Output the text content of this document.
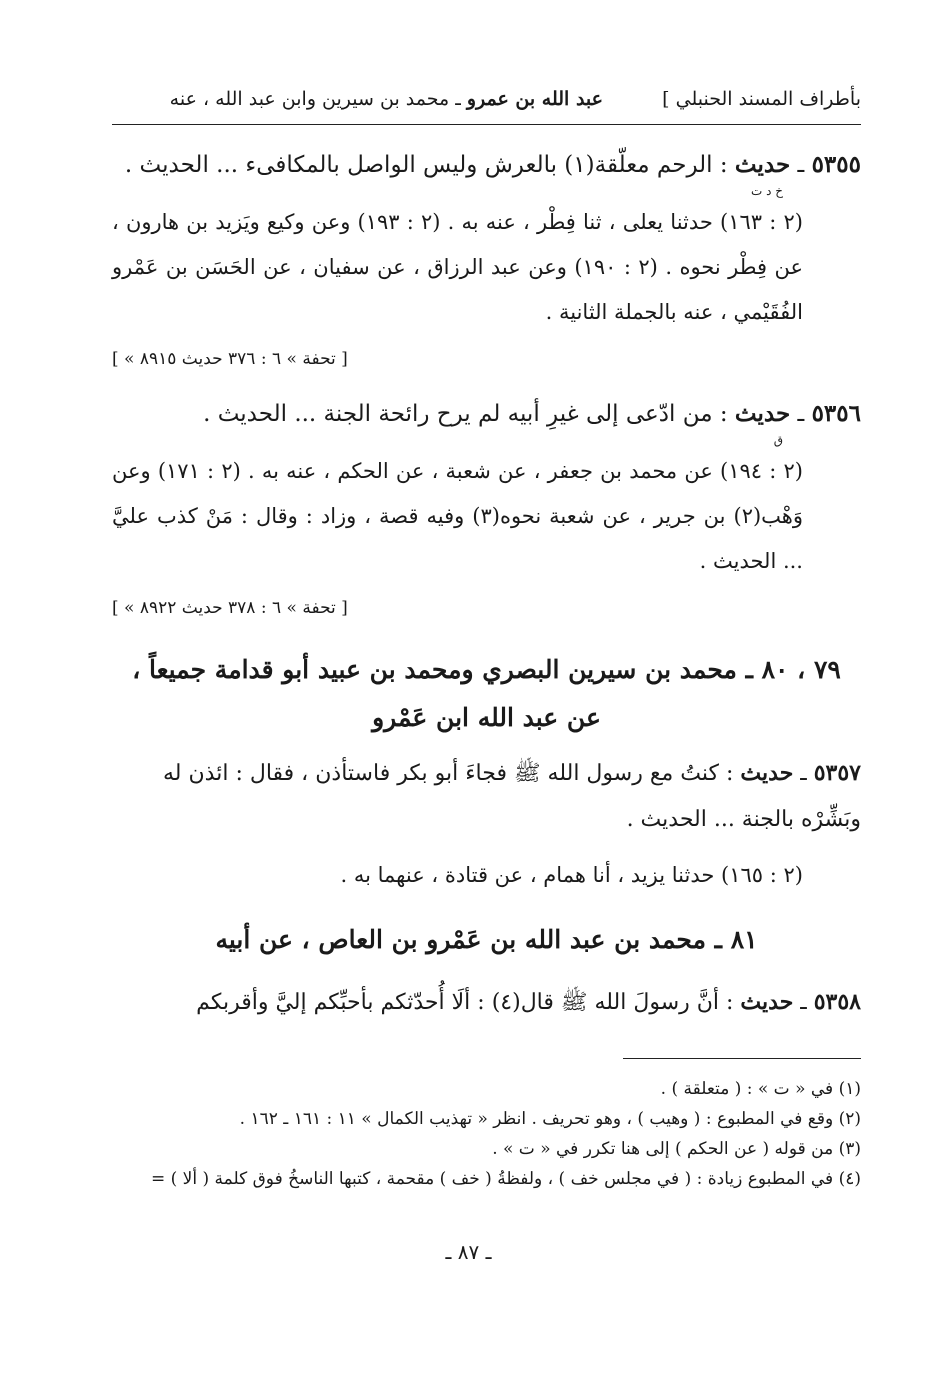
بأطراف المسند الحنبلي ]
عبد الله بن عمرو ـ محمد بن سيرين وابن عبد الله ، عنه

٥٣٥٥ ـ حديث : الرحم معلّقة(١) بالعرش وليس الواصل بالمكافىء ... الحديث .

خ د ت

(٢ : ١٦٣) حدثنا يعلى ، ثنا فِطْر ، عنه به . (٢ : ١٩٣) وعن وكيع ويَزيد بن هارون ، عن فِطْر نحوه . (٢ : ١٩٠) وعن عبد الرزاق ، عن سفيان ، عن الحَسَن بن عَمْرو الفُقَيْمي ، عنه بالجملة الثانية .

[ « تحفة » ٦ : ٣٧٦ حديث ٨٩١٥ ]

٥٣٥٦ ـ حديث : من ادّعى إلى غيرِ أبيه لم يرح رائحة الجنة ... الحديث .

ق

(٢ : ١٩٤) عن محمد بن جعفر ، عن شعبة ، عن الحكم ، عنه به . (٢ : ١٧١) وعن وَهْب(٢) بن جرير ، عن شعبة نحوه(٣) وفيه قصة ، وزاد : وقال : مَنْ كذب عليَّ ... الحديث .

[ « تحفة » ٦ : ٣٧٨ حديث ٨٩٢٢ ]

٧٩ ، ٨٠ ـ محمد بن سيرين البصري ومحمد بن عبيد أبو قدامة جميعاً ، عن عبد الله ابن عَمْرو

٥٣٥٧ ـ حديث : كنتُ مع رسول الله ﷺ فجاءَ أبو بكر فاستأذن ، فقال : ائذن له وبَشِّرْه بالجنة ... الحديث .

(٢ : ١٦٥) حدثنا يزيد ، أنا همام ، عن قتادة ، عنهما به .

٨١ ـ محمد بن عبد الله بن عَمْرو بن العاص ، عن أبيه

٥٣٥٨ ـ حديث : أنَّ رسولَ الله ﷺ قال(٤) : ألَا أُحدّثكم بأحبِّكم إليَّ وأقربكم

(١) في « ت » : ( متعلقة ) .

(٢) وقع في المطبوع : ( وهيب ) ، وهو تحريف . انظر « تهذيب الكمال » ١١ : ١٦١ ـ ١٦٢ .

(٣) من قوله ( عن الحكم ) إلى هنا تكرر في « ت » .

(٤) في المطبوع زيادة : ( في مجلس خف ) ، ولفظةُ ( خف ) مقحمة ، كتبها الناسخُ فوق كلمة ( ألا ) =

ـ ٨٧ ـ
